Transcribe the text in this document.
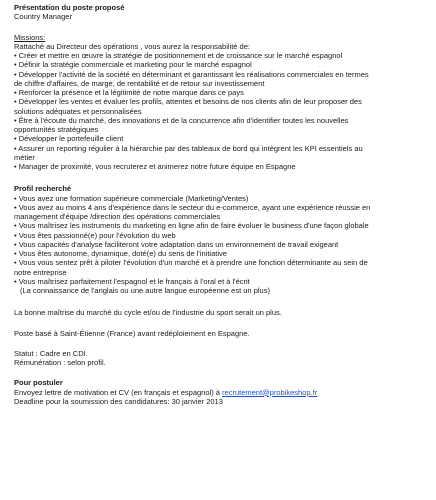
Présentation du poste proposé
Country Manager
Missions:
Rattaché au Directeur des opérations , vous aurez la responsabilité de:
• Créer et mettre en œuvre la stratégie de positionnement et de croissance sur le marché espagnol
• Définir la stratégie commerciale et marketing pour le marché espagnol
• Développer l'activité de la société en déterminant et garantissant les réalisations commerciales en termes
de chiffre d'affaires, de marge, de rentabilité et de retour sur investissement
• Renforcer la présence et la légitimité de notre marque dans ce pays
• Développer les ventes et évaluer les profils, attentes et besoins de nos clients afin de leur proposer des
solutions adéquates et personnalisées
• Être à l'écoute du marché, des innovations et de la concurrence afin d'identifier toutes les nouvelles
opportunités stratégiques
• Développer le portefeuille client
• Assurer un reporting régulier à la hiérarchie par des tableaux de bord qui intègrent les KPI essentiels au
métier
• Manager de proximité, vous recruterez et animerez notre future équipe en Espagne
Profil recherché
• Vous avez une formation supérieure commerciale (Marketing/Ventes)
• Vous avez au moins 4 ans d'expérience dans le secteur du e-commerce, ayant une expérience réussie en
management d'équipe /direction des opérations commerciales
• Vous maîtrisez les instruments du marketing en ligne afin de faire évoluer le business d'une façon globale
• Vous êtes passionné(e) pour l'évolution du web
• Vous capacités d'analyse faciliteront votre adaptation dans un environnement de travail exigeant
• Vous êtes autonome, dynamique, doté(e) du sens de l'initiative
• Vous vous sentez prêt à piloter l'évolution d'un marché et à prendre une fonction déterminante au sein de
notre entreprise
• Vous maîtrisez parfaitement l'espagnol et le français à l'oral et à l'écrit
(La connaissance de l'anglais ou une autre langue européenne est un plus)
La bonne maîtrise du marché du cycle et/ou de l'industrie du sport serait un plus.
Poste basé à Saint-Étienne (France) avant redéploiement en Espagne.
Statut : Cadre en CDI.
Rémunération : selon profil.
Pour postuler
Envoyez lettre de motivation et CV (en français et espagnol) à recrutement@probikeshop.fr
Deadline pour la soumission des candidatures: 30 janvier 2013
